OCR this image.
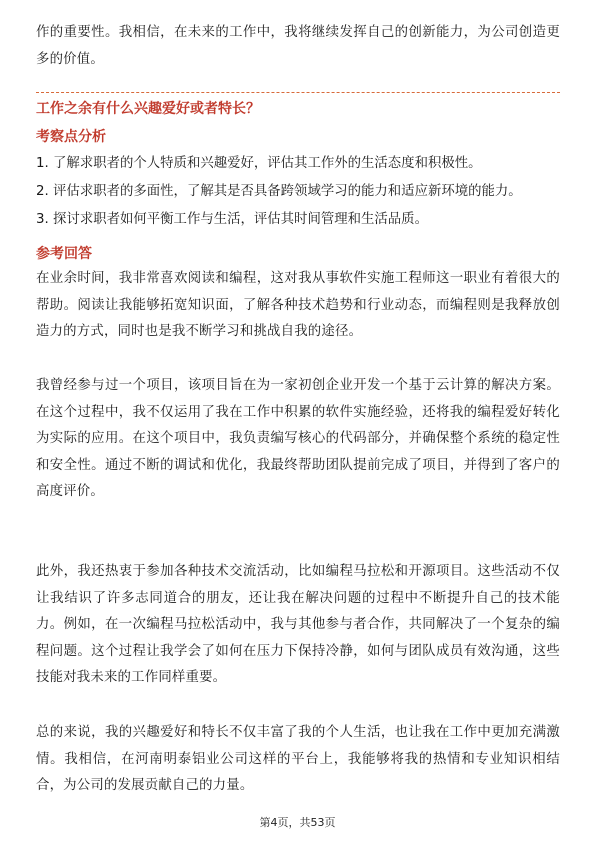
作的重要性。我相信，在未来的工作中，我将继续发挥自己的创新能力，为公司创造更多的价值。

工作之余有什么兴趣爱好或者特长？
考察点分析

1. 了解求职者的个人特质和兴趣爱好，评估其工作外的生活态度和积极性。

2. 评估求职者的多面性，了解其是否具备跨领域学习的能力和适应新环境的能力。

3. 探讨求职者如何平衡工作与生活，评估其时间管理和生活品质。

参考回答

在业余时间，我非常喜欢阅读和编程，这对我从事软件实施工程师这一职业有着很大的帮助。阅读让我能够拓宽知识面，了解各种技术趋势和行业动态，而编程则是我释放创造力的方式，同时也是我不断学习和挑战自我的途径。

我曾经参与过一个项目，该项目旨在为一家初创企业开发一个基于云计算的解决方案。在这个过程中，我不仅运用了我在工作中积累的软件实施经验，还将我的编程爱好转化为实际的应用。在这个项目中，我负责编写核心的代码部分，并确保整个系统的稳定性和安全性。通过不断的调试和优化，我最终帮助团队提前完成了项目，并得到了客户的高度评价。

此外，我还热衷于参加各种技术交流活动，比如编程马拉松和开源项目。这些活动不仅让我结识了许多志同道合的朋友，还让我在解决问题的过程中不断提升自己的技术能力。例如，在一次编程马拉松活动中，我与其他参与者合作，共同解决了一个复杂的编程问题。这个过程让我学会了如何在压力下保持冷静，如何与团队成员有效沟通，这些技能对我未来的工作同样重要。

总的来说，我的兴趣爱好和特长不仅丰富了我的个人生活，也让我在工作中更加充满激情。我相信，在河南明泰铝业公司这样的平台上，我能够将我的热情和专业知识相结合，为公司的发展贡献自己的力量。

第4页，共53页
